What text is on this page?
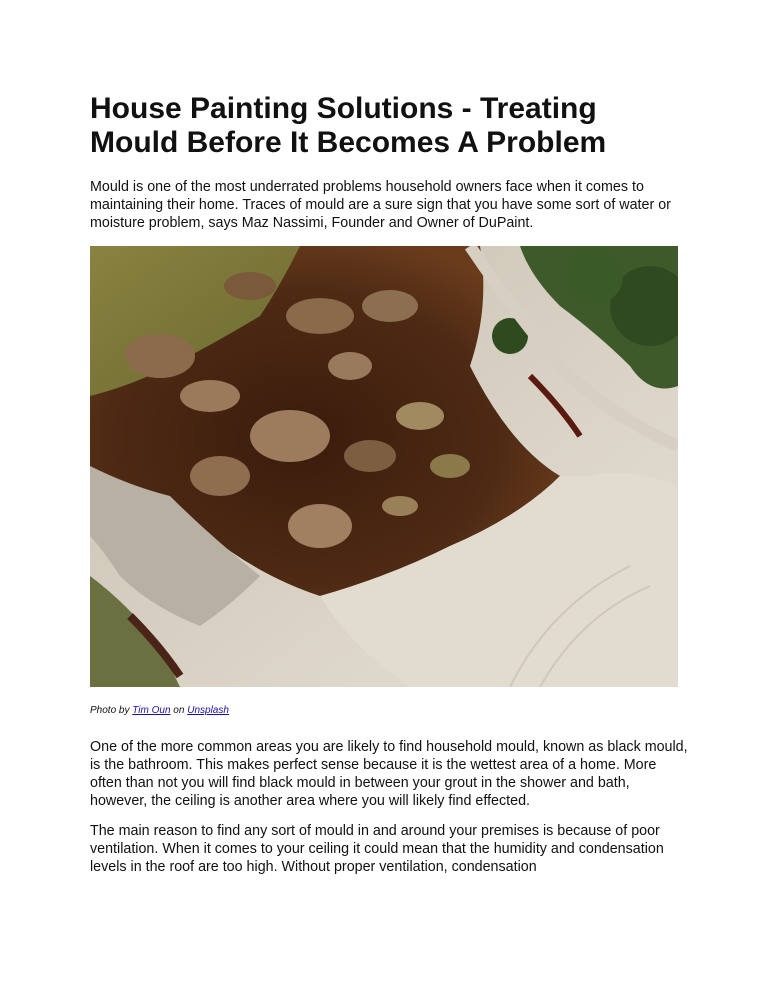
House Painting Solutions - Treating Mould Before It Becomes A Problem

Mould is one of the most underrated problems household owners face when it comes to maintaining their home. Traces of mould are a sure sign that you have some sort of water or moisture problem, says Maz Nassimi, Founder and Owner of DuPaint.

Photo by Tim Oun on Unsplash

One of the more common areas you are likely to find household mould, known as black mould, is the bathroom. This makes perfect sense because it is the wettest area of a home. More often than not you will find black mould in between your grout in the shower and bath, however, the ceiling is another area where you will likely find effected.

The main reason to find any sort of mould in and around your premises is because of poor ventilation. When it comes to your ceiling it could mean that the humidity and condensation levels in the roof are too high. Without proper ventilation, condensation
